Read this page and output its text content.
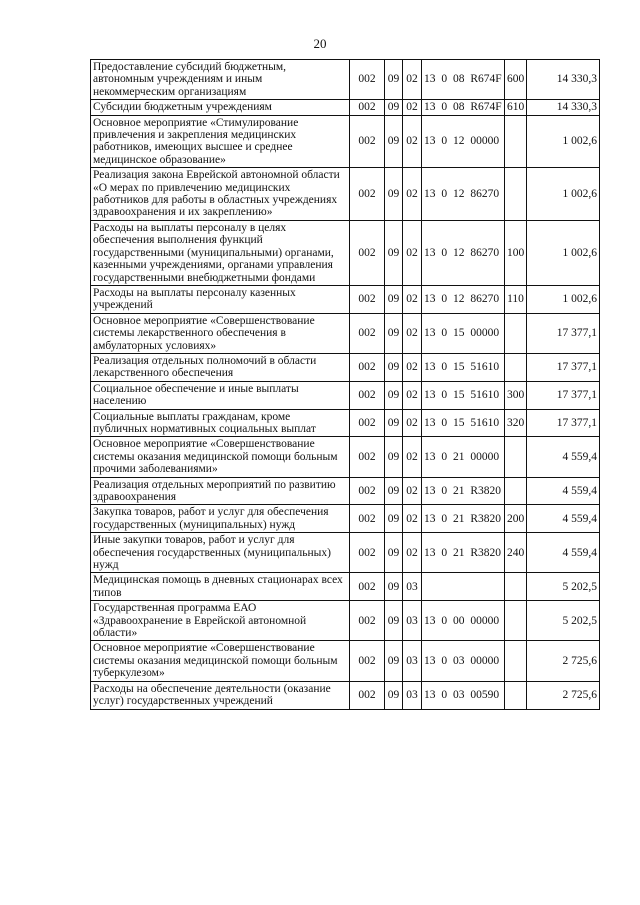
20
Предоставление субсидий бюджетным, автономным учреждениям и иным некоммерческим организациям	002	09	02	13 0 08 R674F	600	14 330,3
Субсидии бюджетным учреждениям	002	09	02	13 0 08 R674F	610	14 330,3
Основное мероприятие «Стимулирование привлечения и закрепления медицинских работников, имеющих высшее и среднее медицинское образование»	002	09	02	13 0 12 00000		1 002,6
Реализация закона Еврейской автономной области «О мерах по привлечению медицинских работников для работы в областных учреждениях здравоохранения и их закреплению»	002	09	02	13 0 12 86270		1 002,6
Расходы на выплаты персоналу в целях обеспечения выполнения функций государственными (муниципальными) органами, казенными учреждениями, органами управления государственными внебюджетными фондами	002	09	02	13 0 12 86270	100	1 002,6
Расходы на выплаты персоналу казенных учреждений	002	09	02	13 0 12 86270	110	1 002,6
Основное мероприятие «Совершенствование системы лекарственного обеспечения в амбулаторных условиях»	002	09	02	13 0 15 00000		17 377,1
Реализация отдельных полномочий в области лекарственного обеспечения	002	09	02	13 0 15 51610		17 377,1
Социальное обеспечение и иные выплаты населению	002	09	02	13 0 15 51610	300	17 377,1
Социальные выплаты гражданам, кроме публичных нормативных социальных выплат	002	09	02	13 0 15 51610	320	17 377,1
Основное мероприятие «Совершенствование системы оказания медицинской помощи больным прочими заболеваниями»	002	09	02	13 0 21 00000		4 559,4
Реализация отдельных мероприятий по развитию здравоохранения	002	09	02	13 0 21 R3820		4 559,4
Закупка товаров, работ и услуг для обеспечения государственных (муниципальных) нужд	002	09	02	13 0 21 R3820	200	4 559,4
Иные закупки товаров, работ и услуг для обеспечения государственных (муниципальных) нужд	002	09	02	13 0 21 R3820	240	4 559,4
Медицинская помощь в дневных стационарах всех типов	002	09	03			5 202,5
Государственная программа ЕАО «Здравоохранение в Еврейской автономной области»	002	09	03	13 0 00 00000		5 202,5
Основное мероприятие «Совершенствование системы оказания медицинской помощи больным туберкулезом»	002	09	03	13 0 03 00000		2 725,6
Расходы на обеспечение деятельности (оказание услуг) государственных учреждений	002	09	03	13 0 03 00590		2 725,6
